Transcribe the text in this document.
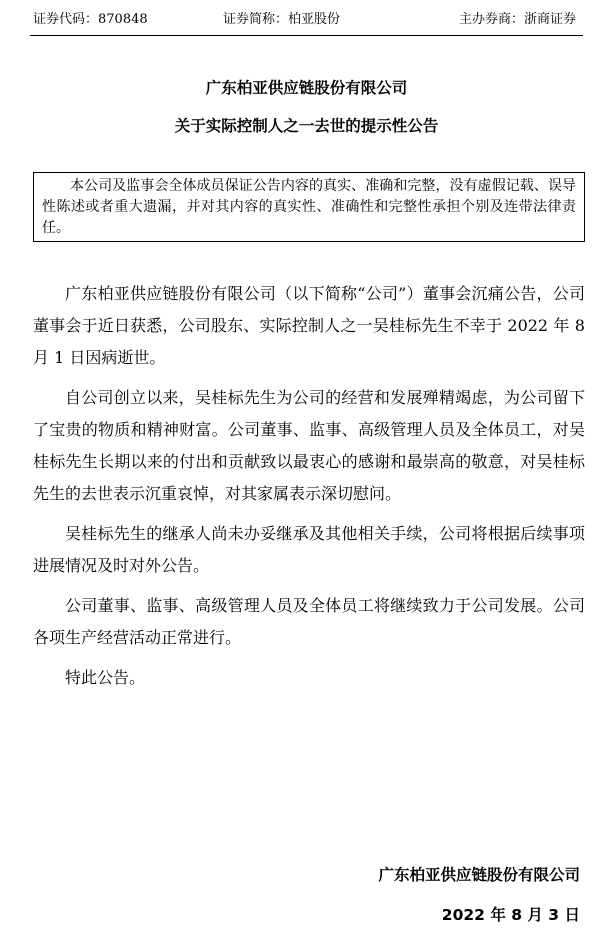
证券代码：870848	证券简称：柏亚股份	主办券商：浙商证券
广东柏亚供应链股份有限公司
关于实际控制人之一去世的提示性公告
本公司及监事会全体成员保证公告内容的真实、准确和完整，没有虚假记载、误导性陈述或者重大遗漏，并对其内容的真实性、准确性和完整性承担个别及连带法律责任。

广东柏亚供应链股份有限公司（以下简称“公司”）董事会沉痛公告，公司董事会于近日获悉，公司股东、实际控制人之一吴桂标先生不幸于 2022 年 8 月 1 日因病逝世。

自公司创立以来，吴桂标先生为公司的经营和发展殚精竭虑，为公司留下了宝贵的物质和精神财富。公司董事、监事、高级管理人员及全体员工，对吴桂标先生长期以来的付出和贡献致以最衷心的感谢和最崇高的敬意，对吴桂标先生的去世表示沉重哀悼，对其家属表示深切慰问。

吴桂标先生的继承人尚未办妥继承及其他相关手续，公司将根据后续事项进展情况及时对外公告。

公司董事、监事、高级管理人员及全体员工将继续致力于公司发展。公司各项生产经营活动正常进行。

特此公告。

广东柏亚供应链股份有限公司
2022 年 8 月 3 日
